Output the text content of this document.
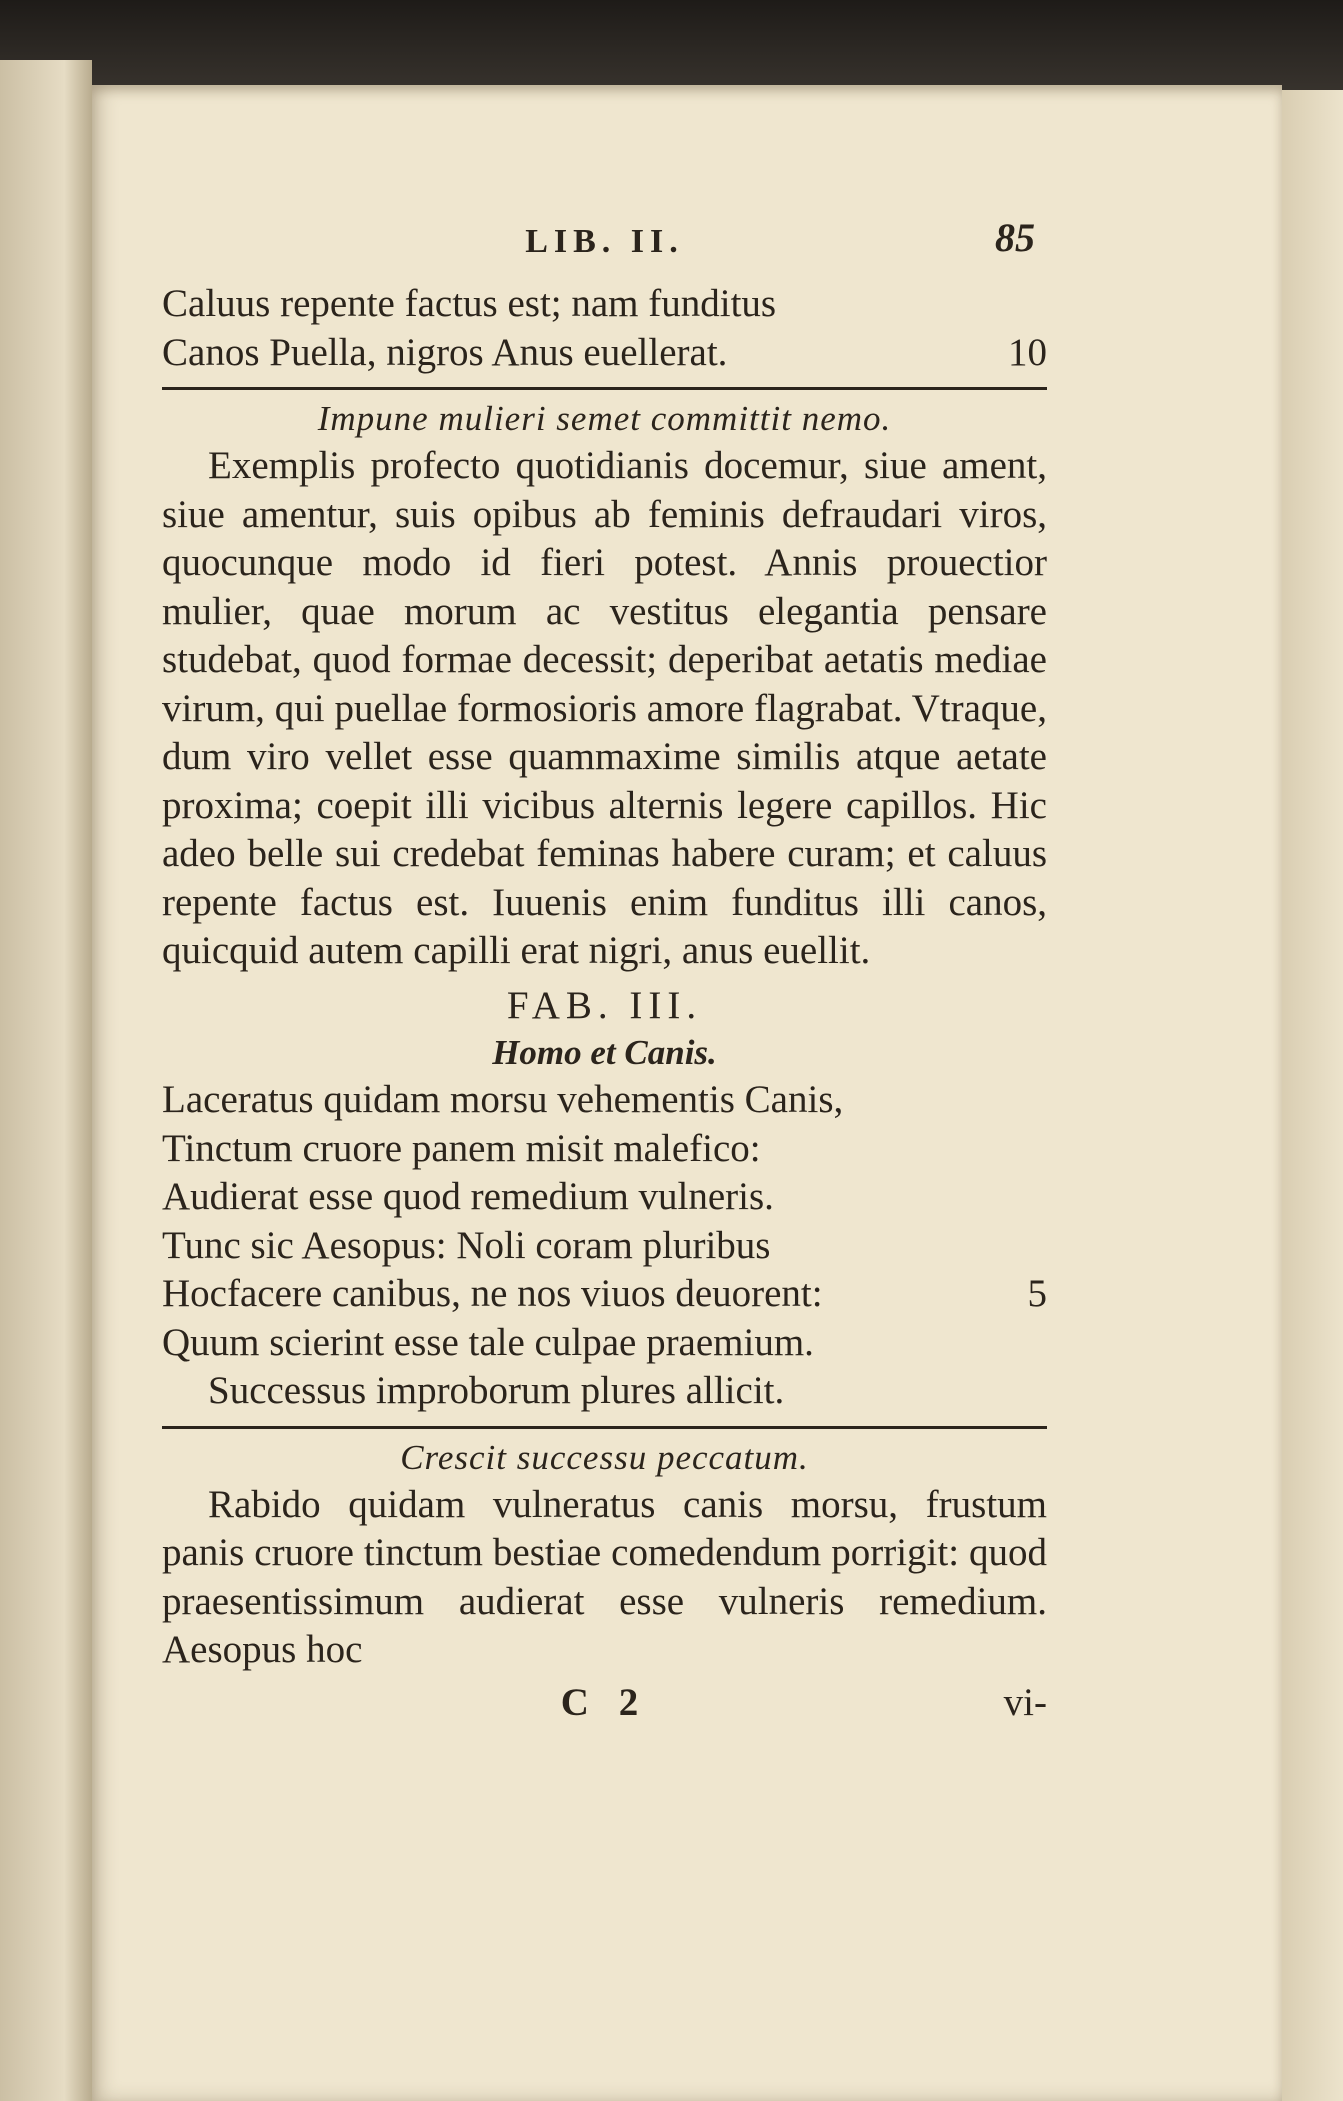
LIB. II.	85
Caluus repente factus est; nam funditus
Canos Puella, nigros Anus euellerat.	10
Impune mulieri semet committit nemo.

Exemplis profecto quotidianis docemur, siue ament, siue amentur, suis opibus ab feminis defraudari viros, quocunque modo id fieri potest. Annis prouectior mulier, quae morum ac vestitus elegantia pensare studebat, quod formae decessit; deperibat aetatis mediae virum, qui puellae formosioris amore flagrabat. Vtraque, dum viro vellet esse quammaxime similis atque aetate proxima; coepit illi vicibus alternis legere capillos. Hic adeo belle sui credebat feminas habere curam; et caluus repente factus est. Iuuenis enim funditus illi canos, quicquid autem capilli erat nigri, anus euellit.

FAB. III.
Homo et Canis.
Laceratus quidam morsu vehementis Canis,
Tinctum cruore panem misit malefico:
Audierat esse quod remedium vulneris.
Tunc sic Aesopus: Noli coram pluribus
Hocfacere canibus, ne nos viuos deuorent:	5
Quum scierint esse tale culpae praemium.
Successus improborum plures allicit.
Crescit successu peccatum.

Rabido quidam vulneratus canis morsu, frustum panis cruore tinctum bestiae comedendum porrigit: quod praesentissimum audierat esse vulneris remedium. Aesopus hoc

C 2	vi-
